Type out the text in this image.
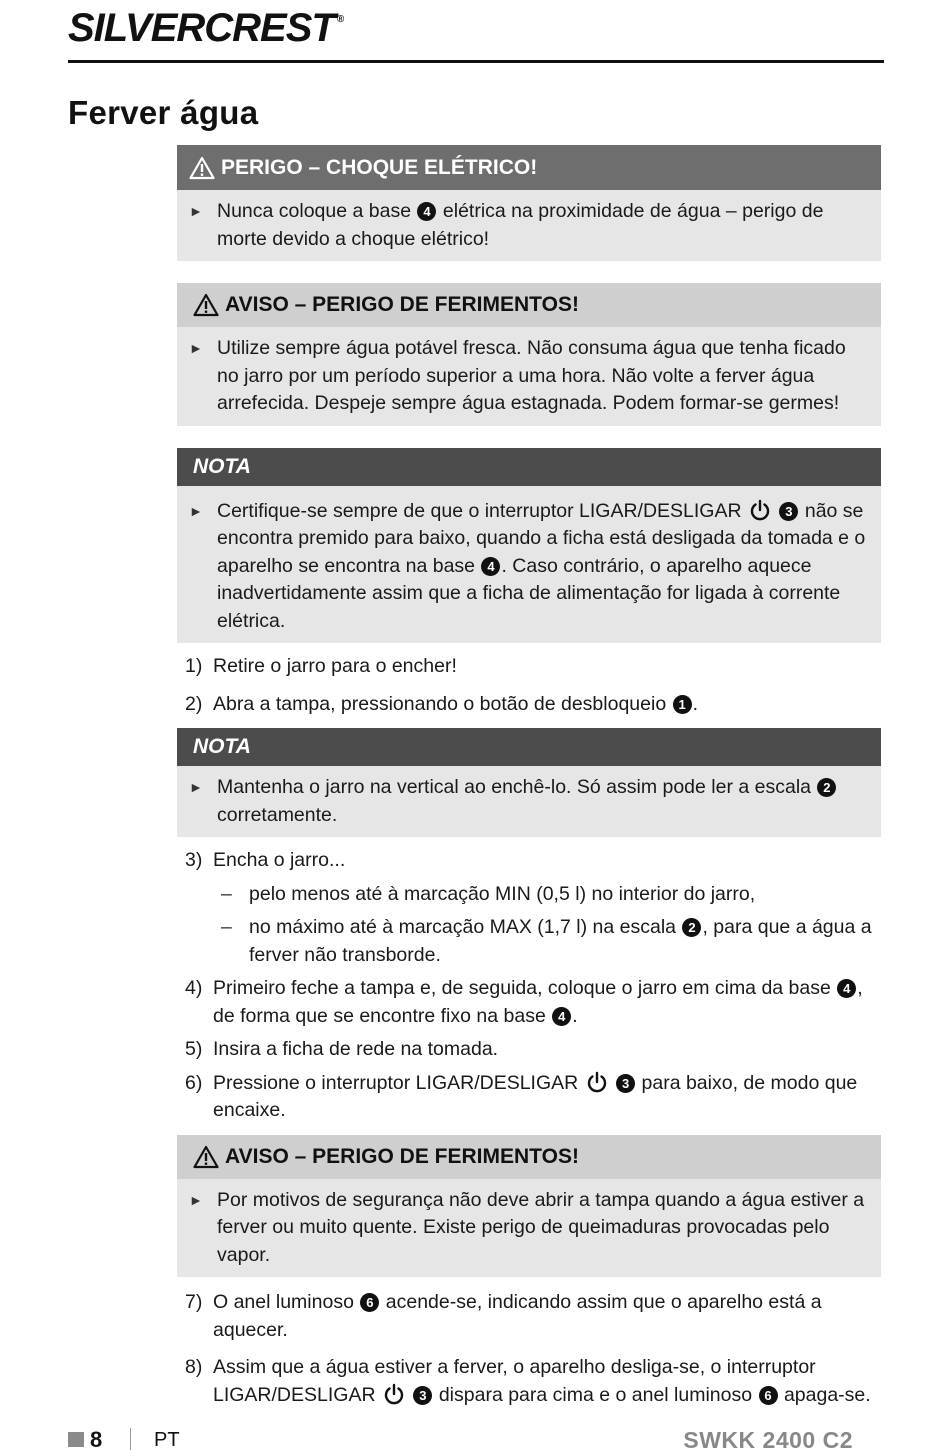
SILVERCREST ®
Ferver água
PERIGO – CHOQUE ELÉTRICO!
► Nunca coloque a base 4 elétrica na proximidade de água – perigo de morte devido a choque elétrico!
AVISO – PERIGO DE FERIMENTOS!
► Utilize sempre água potável fresca. Não consuma água que tenha ficado no jarro por um período superior a uma hora. Não volte a ferver água arrefecida. Despeje sempre água estagnada. Podem formar-se germes!
NOTA
► Certifique-se sempre de que o interruptor LIGAR/DESLIGAR	3 não se encontra premido para baixo, quando a ficha está desligada da tomada e o aparelho se encontra na base 4 . Caso contrário, o aparelho aquece inadvertidamente assim que a ficha de alimentação for ligada à corrente elétrica.
1) Retire o jarro para o encher!
2) Abra a tampa, pressionando o botão de desbloqueio 1 .
NOTA
► Mantenha o jarro na vertical ao enchê-lo. Só assim pode ler a escala 2 corretamente.
3) Encha o jarro...
– pelo menos até à marcação MIN (0,5 l) no interior do jarro,
– no máximo até à marcação MAX (1,7 l) na escala 2 , para que a água a ferver não transborde.
4) Primeiro feche a tampa e, de seguida, coloque o jarro em cima da base 4 , de forma que se encontre fixo na base 4 .
5) Insira a ficha de rede na tomada.
6) Pressione o interruptor LIGAR/DESLIGAR	3 para baixo, de modo que encaixe.
AVISO – PERIGO DE FERIMENTOS!
► Por motivos de segurança não deve abrir a tampa quando a água estiver a ferver ou muito quente. Existe perigo de queimaduras provocadas pelo vapor.
7) O anel luminoso 6 acende-se, indicando assim que o aparelho está a aquecer.
8) Assim que a água estiver a ferver, o aparelho desliga-se, o interruptor LIGAR/DESLIGAR	3 dispara para cima e o anel luminoso 6 apaga-se.
8	PT	SWKK 2400 C2
